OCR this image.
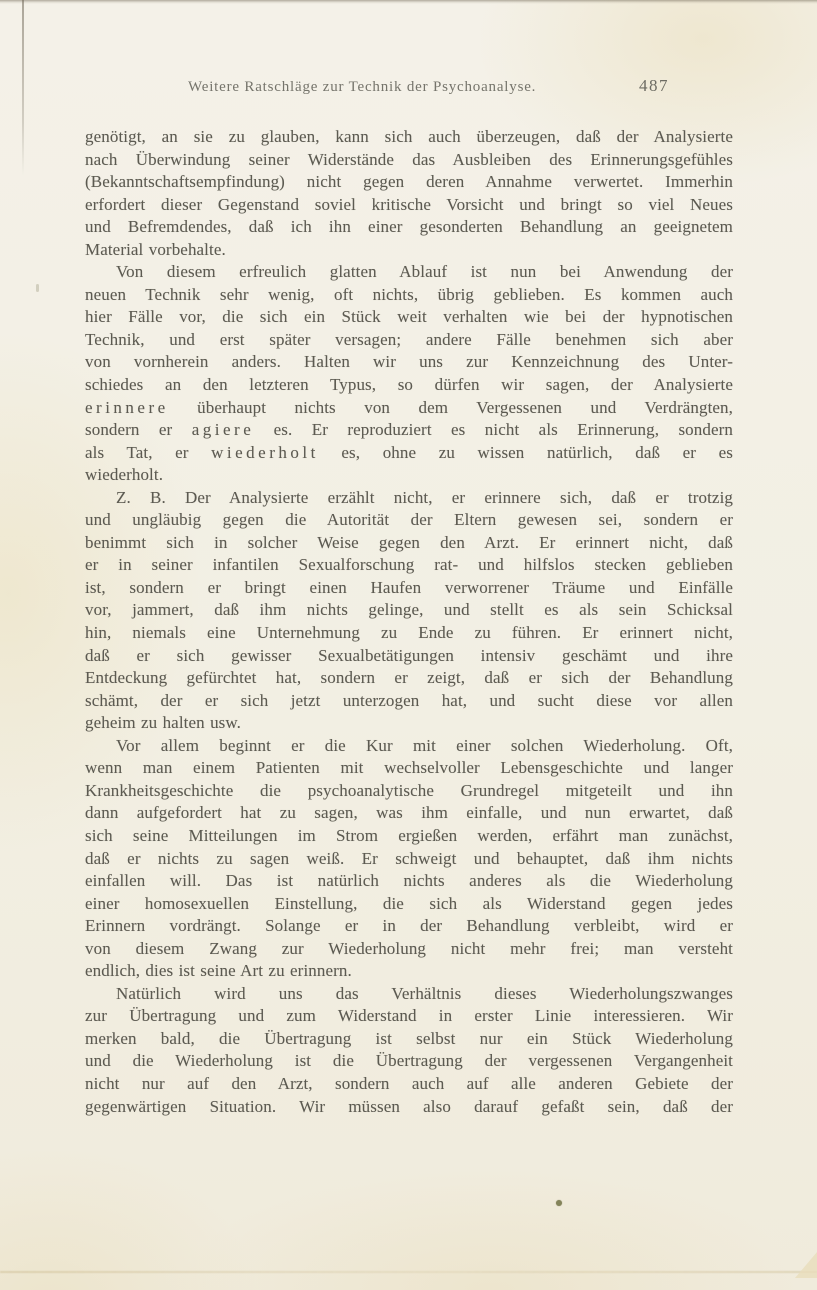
Weitere Ratschläge zur Technik der Psychoanalyse.	487
genötigt, an sie zu glauben, kann sich auch überzeugen, daß der Analysierte
nach Überwindung seiner Widerstände das Ausbleiben des Erinnerungsgefühles
(Bekanntschaftsempfindung) nicht gegen deren Annahme verwertet. Immerhin
erfordert dieser Gegenstand soviel kritische Vorsicht und bringt so viel Neues
und Befremdendes, daß ich ihn einer gesonderten Behandlung an geeignetem
Material vorbehalte.
Von diesem erfreulich glatten Ablauf ist nun bei Anwendung der
neuen Technik sehr wenig, oft nichts, übrig geblieben. Es kommen auch
hier Fälle vor, die sich ein Stück weit verhalten wie bei der hypnotischen
Technik, und erst später versagen; andere Fälle benehmen sich aber
von vornherein anders. Halten wir uns zur Kennzeichnung des Unter-
schiedes an den letzteren Typus, so dürfen wir sagen, der Analysierte
erinnere überhaupt nichts von dem Vergessenen und Verdrängten,
sondern er agiere es. Er reproduziert es nicht als Erinnerung, sondern
als Tat, er wiederholt es, ohne zu wissen natürlich, daß er es
wiederholt.
Z. B. Der Analysierte erzählt nicht, er erinnere sich, daß er trotzig
und ungläubig gegen die Autorität der Eltern gewesen sei, sondern er
benimmt sich in solcher Weise gegen den Arzt. Er erinnert nicht, daß
er in seiner infantilen Sexualforschung rat- und hilfslos stecken geblieben
ist, sondern er bringt einen Haufen verworrener Träume und Einfälle
vor, jammert, daß ihm nichts gelinge, und stellt es als sein Schicksal
hin, niemals eine Unternehmung zu Ende zu führen. Er erinnert nicht,
daß er sich gewisser Sexualbetätigungen intensiv geschämt und ihre
Entdeckung gefürchtet hat, sondern er zeigt, daß er sich der Behandlung
schämt, der er sich jetzt unterzogen hat, und sucht diese vor allen
geheim zu halten usw.
Vor allem beginnt er die Kur mit einer solchen Wiederholung. Oft,
wenn man einem Patienten mit wechselvoller Lebensgeschichte und langer
Krankheitsgeschichte die psychoanalytische Grundregel mitgeteilt und ihn
dann aufgefordert hat zu sagen, was ihm einfalle, und nun erwartet, daß
sich seine Mitteilungen im Strom ergießen werden, erfährt man zunächst,
daß er nichts zu sagen weiß. Er schweigt und behauptet, daß ihm nichts
einfallen will. Das ist natürlich nichts anderes als die Wiederholung
einer homosexuellen Einstellung, die sich als Widerstand gegen jedes
Erinnern vordrängt. Solange er in der Behandlung verbleibt, wird er
von diesem Zwang zur Wiederholung nicht mehr frei; man versteht
endlich, dies ist seine Art zu erinnern.
Natürlich wird uns das Verhältnis dieses Wiederholungszwanges
zur Übertragung und zum Widerstand in erster Linie interessieren. Wir
merken bald, die Übertragung ist selbst nur ein Stück Wiederholung
und die Wiederholung ist die Übertragung der vergessenen Vergangenheit
nicht nur auf den Arzt, sondern auch auf alle anderen Gebiete der
gegenwärtigen Situation. Wir müssen also darauf gefaßt sein, daß der
